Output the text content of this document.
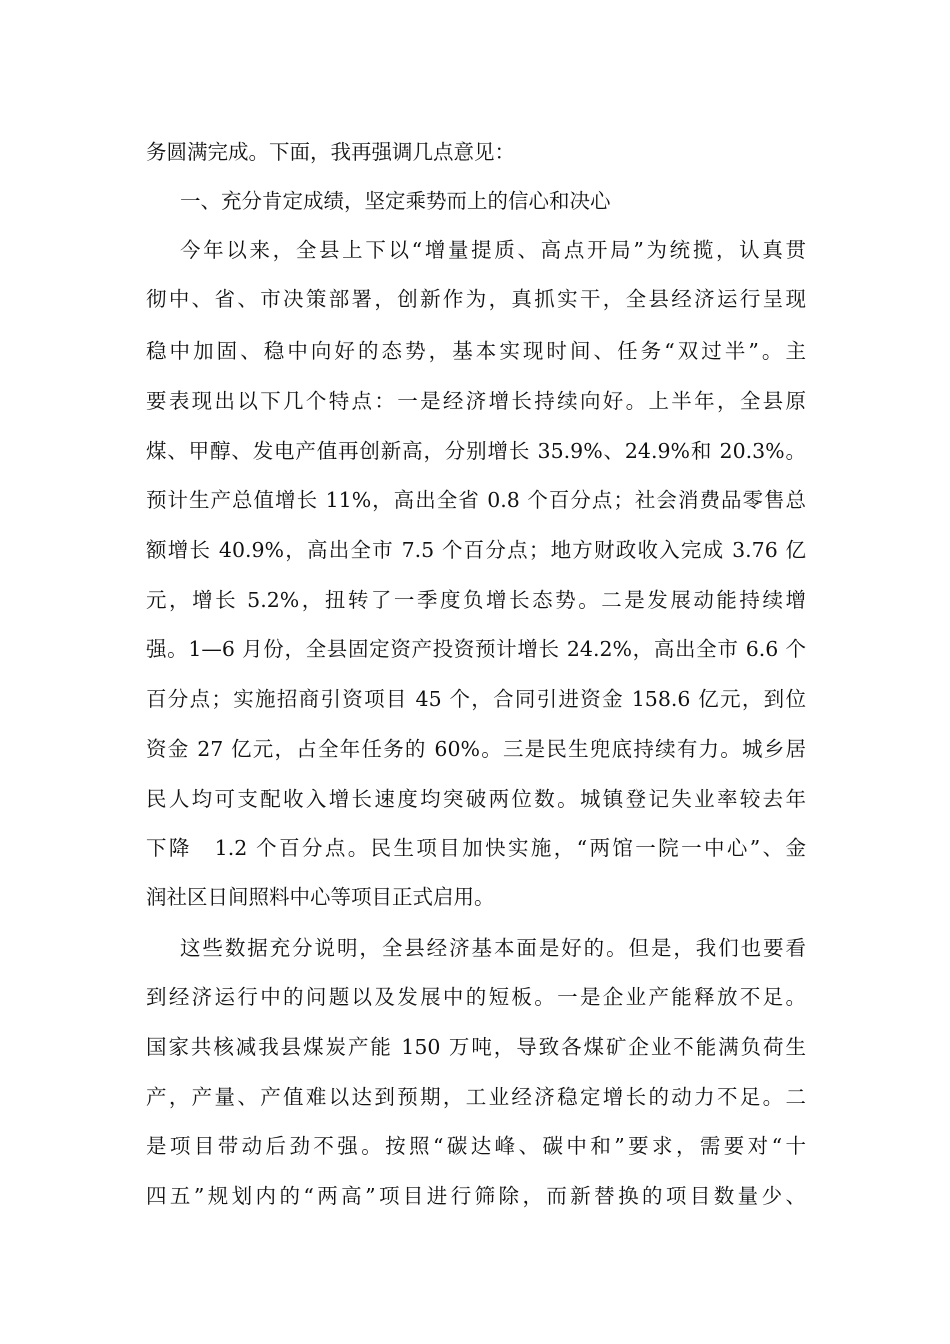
务圆满完成。下面，我再强调几点意见：
一、充分肯定成绩，坚定乘势而上的信心和决心
今年以来，全县上下以“增量提质、高点开局”为统揽，认真贯
彻中、省、市决策部署，创新作为，真抓实干，全县经济运行呈现
稳中加固、稳中向好的态势，基本实现时间、任务“双过半”。主
要表现出以下几个特点：一是经济增长持续向好。上半年，全县原
煤、甲醇、发电产值再创新高，分别增长 35.9%、24.9%和 20.3%。
预计生产总值增长 11%，高出全省 0.8 个百分点；社会消费品零售总
额增长 40.9%，高出全市 7.5 个百分点；地方财政收入完成 3.76 亿
元，增长 5.2%，扭转了一季度负增长态势。二是发展动能持续增
强。1—6 月份，全县固定资产投资预计增长 24.2%，高出全市 6.6 个
百分点；实施招商引资项目 45 个，合同引进资金 158.6 亿元，到位
资金 27 亿元，占全年任务的 60%。三是民生兜底持续有力。城乡居
民人均可支配收入增长速度均突破两位数。城镇登记失业率较去年
下降　1.2 个百分点。民生项目加快实施，“两馆一院一中心”、金
润社区日间照料中心等项目正式启用。
这些数据充分说明，全县经济基本面是好的。但是，我们也要看
到经济运行中的问题以及发展中的短板。一是企业产能释放不足。
国家共核减我县煤炭产能 150 万吨，导致各煤矿企业不能满负荷生
产，产量、产值难以达到预期，工业经济稳定增长的动力不足。二
是项目带动后劲不强。按照“碳达峰、碳中和”要求，需要对“十
四五”规划内的“两高”项目进行筛除，而新替换的项目数量少、
